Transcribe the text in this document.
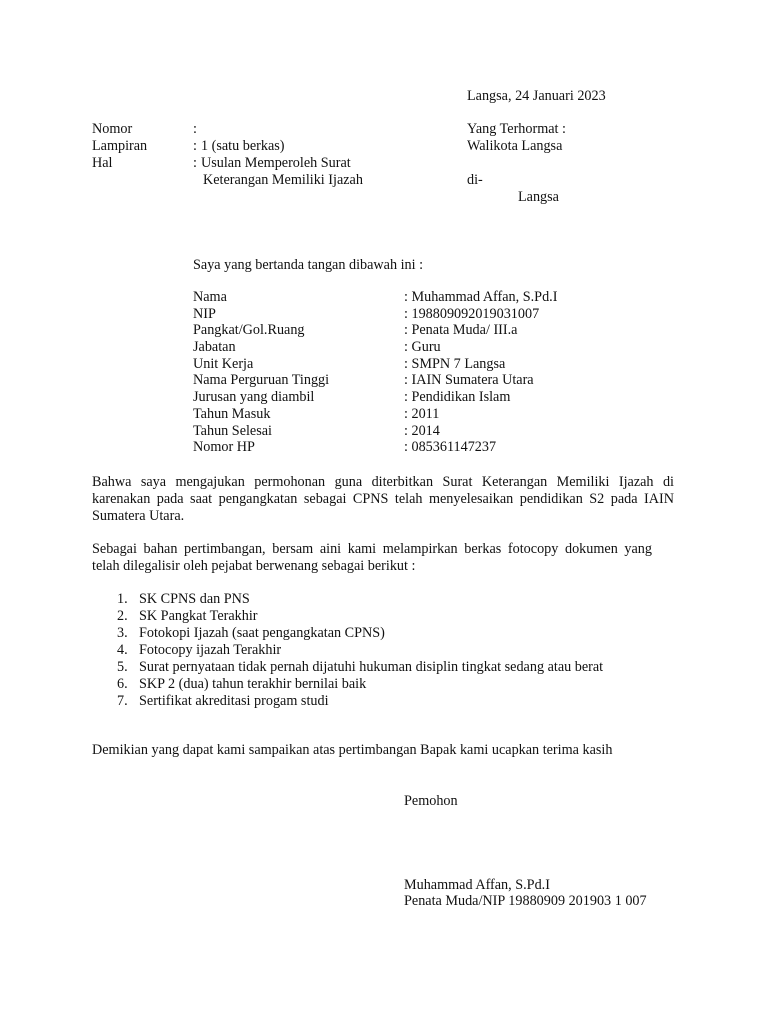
Langsa, 24 Januari 2023
Nomor	:
Lampiran	: 1 (satu berkas)
Hal	: Usulan Memperoleh Surat
Keterangan Memiliki Ijazah
Yang Terhormat :
Walikota Langsa
di-
Langsa
Saya yang bertanda tangan dibawah ini :
Nama	: Muhammad Affan, S.Pd.I
NIP	: 198809092019031007
Pangkat/Gol.Ruang	: Penata Muda/ III.a
Jabatan	: Guru
Unit Kerja	: SMPN 7 Langsa
Nama Perguruan Tinggi	: IAIN Sumatera Utara
Jurusan yang diambil	: Pendidikan Islam
Tahun Masuk	: 2011
Tahun Selesai	: 2014
Nomor HP	: 085361147237

Bahwa saya mengajukan permohonan guna diterbitkan Surat Keterangan Memiliki Ijazah di karenakan pada saat pengangkatan sebagai CPNS telah menyelesaikan pendidikan S2 pada IAIN Sumatera Utara.

Sebagai bahan pertimbangan, bersam aini kami melampirkan berkas fotocopy dokumen yang telah dilegalisir oleh pejabat berwenang sebagai berikut :

1. SK CPNS dan PNS
2. SK Pangkat Terakhir
3. Fotokopi Ijazah (saat pengangkatan CPNS)
4. Fotocopy ijazah Terakhir
5. Surat pernyataan tidak pernah dijatuhi hukuman disiplin tingkat sedang atau berat
6. SKP 2 (dua) tahun terakhir bernilai baik
7. Sertifikat akreditasi progam studi
Demikian yang dapat kami sampaikan atas pertimbangan Bapak kami ucapkan terima kasih
Pemohon
Muhammad Affan, S.Pd.I
Penata Muda/NIP 19880909 201903 1 007
